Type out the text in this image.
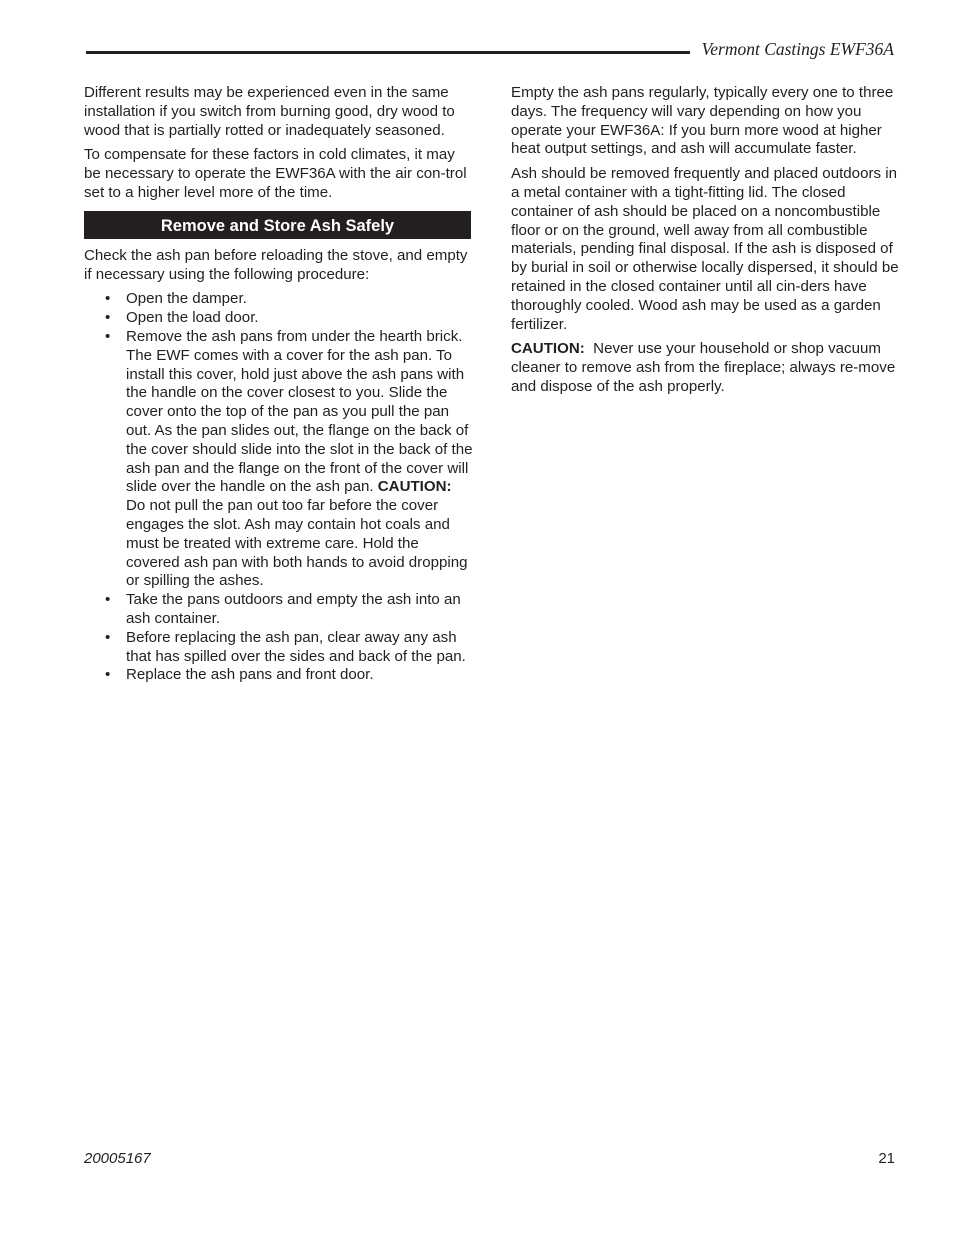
Vermont Castings EWF36A

Different results may be experienced even in the same installation if you switch from burning good, dry wood to wood that is partially rotted or inadequately seasoned.

To compensate for these factors in cold climates, it may be necessary to operate the EWF36A with the air con-trol set to a higher level more of the time.

Remove and Store Ash Safely

Check the ash pan before reloading the stove, and empty if necessary using the following procedure:

• Open the damper.
• Open the load door.
• Remove the ash pans from under the hearth brick. The EWF comes with a cover for the ash pan. To install this cover, hold just above the ash pans with the handle on the cover closest to you. Slide the cover onto the top of the pan as you pull the pan out. As the pan slides out, the flange on the back of the cover should slide into the slot in the back of the ash pan and the flange on the front of the cover will slide over the handle on the ash pan. CAUTION:  Do not pull the pan out too far before the cover engages the slot. Ash may contain hot coals and must be treated with extreme care. Hold the covered ash pan with both hands to avoid dropping or spilling the ashes.
• Take the pans outdoors and empty the ash into an ash container.
• Before replacing the ash pan, clear away any ash that has spilled over the sides and back of the pan.
• Replace the ash pans and front door.

Empty the ash pans regularly, typically every one to three days. The frequency will vary depending on how you operate your EWF36A: If you burn more wood at higher heat output settings, and ash will accumulate faster.

Ash should be removed frequently and placed outdoors in a metal container with a tight-fitting lid. The closed container of ash should be placed on a noncombustible floor or on the ground, well away from all combustible materials, pending final disposal. If the ash is disposed of by burial in soil or otherwise locally dispersed, it should be retained in the closed container until all cin-ders have thoroughly cooled. Wood ash may be used as a garden fertilizer.

CAUTION: Never use your household or shop vacuum cleaner to remove ash from the fireplace; always re-move and dispose of the ash properly.

20005167	21
